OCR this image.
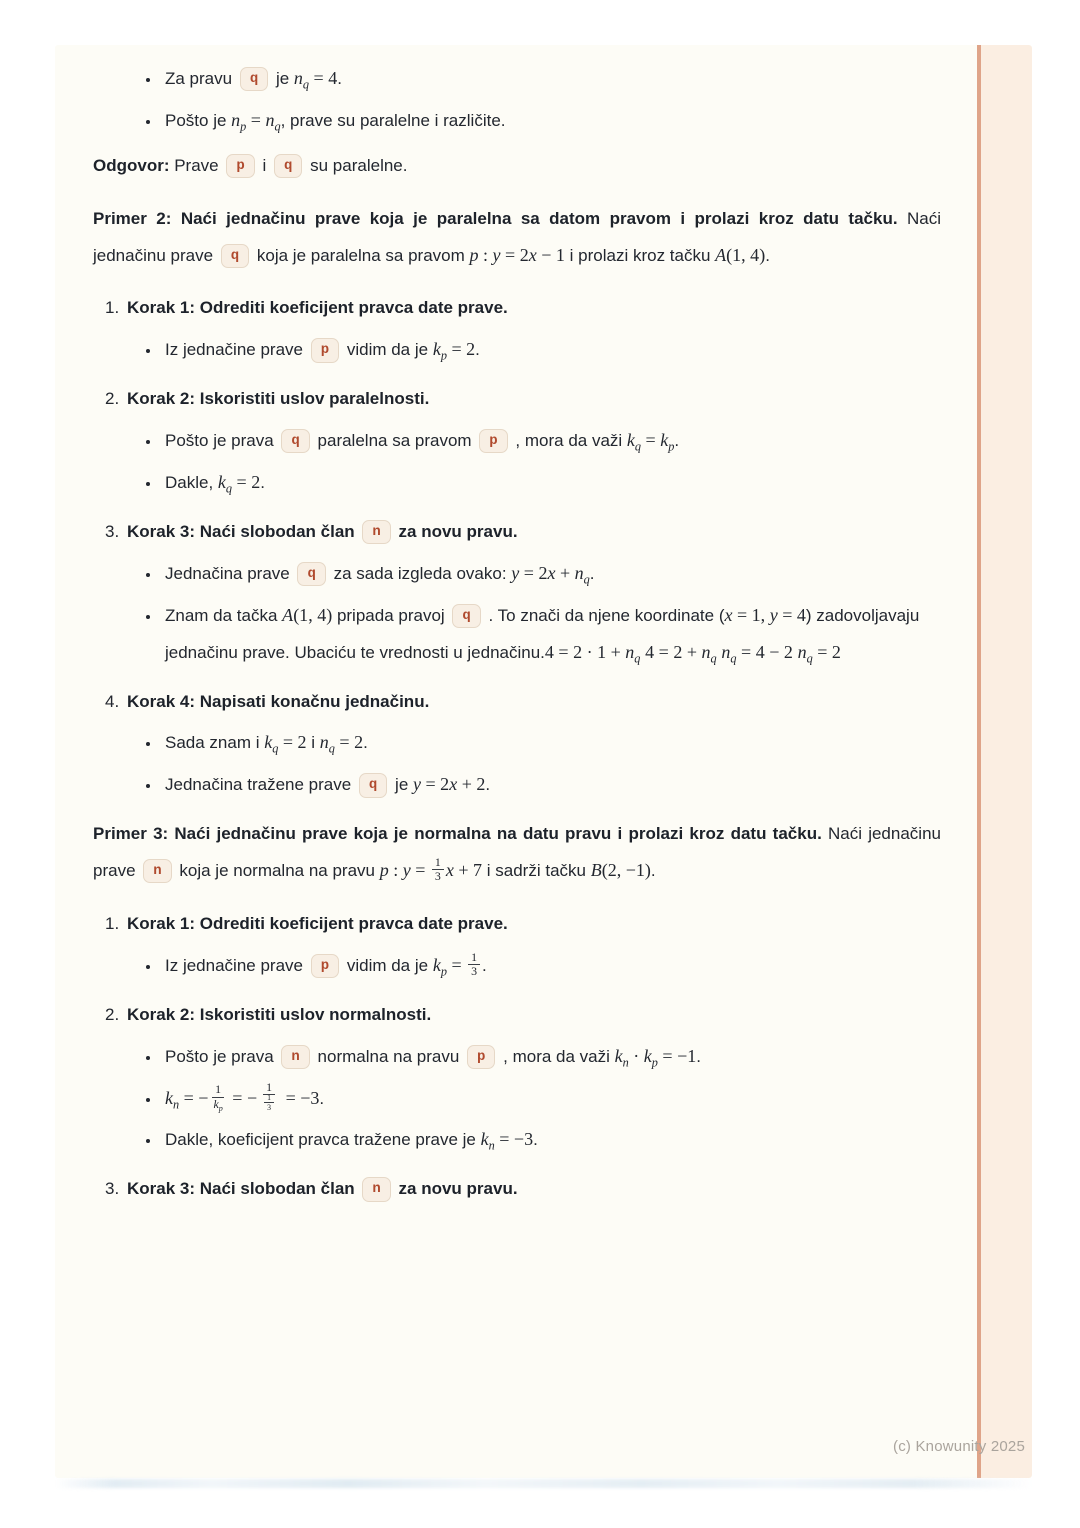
• Za pravu q je $n_q = 4$.
• Pošto je $n_p = n_q$, prave su paralelne i različite.

Odgovor: Prave p i q su paralelne.

Primer 2: Naći jednačinu prave koja je paralelna sa datom pravom i prolazi kroz datu tačku. Naći jednačinu prave q koja je paralelna sa pravom p : y = 2x − 1 i prolazi kroz tačku A(1, 4).

1. Korak 1: Odrediti koeficijent pravca date prave.
• Iz jednačine prave p vidim da je $k_p = 2$.
2. Korak 2: Iskoristiti uslov paralelnosti.
• Pošto je prava q paralelna sa pravom p , mora da važi $k_q = k_p$.
• Dakle, $k_q = 2$.
3. Korak 3: Naći slobodan član n za novu pravu.
• Jednačina prave q za sada izgleda ovako: $y = 2x + n_q$.
• Znam da tačka A(1, 4) pripada pravoj q . To znači da njene koordinate (x = 1, y = 4) zadovoljavaju jednačinu prave. Ubaciću te vrednosti u jednačinu.4 = $2 \cdot 1 + n_q$ $4 = 2 + n_q$ $n_q = 4 - 2$ $n_q = 2$
4. Korak 4: Napisati konačnu jednačinu.
• Sada znam i $k_q = 2$ i $n_q = 2$.
• Jednačina tražene prave q je y = 2x + 2.

Primer 3: Naći jednačinu prave koja je normalna na datu pravu i prolazi kroz datu tačku. Naći jednačinu prave n koja je normalna na pravu p : $y = \frac{1}{3}$ x + 7 i sadrži tačku B(2, −1).

1. Korak 1: Odrediti koeficijent pravca date prave.
• Iz jednačine prave p vidim da je $k_p = \frac{1}{3}$ .
2. Korak 2: Iskoristiti uslov normalnosti.
• Pošto je prava n normalna na pravu p , mora da važi $k_n \cdot k_p = -1$.
• $k_n$ = − $\frac{1}{k_p}$ = − $\frac{1}{\frac{1}{3}} = -3$.
• Dakle, koeficijent pravca tražene prave je $k_n = -3$.
3. Korak 3: Naći slobodan član n za novu pravu.
(c) Knowunity 2025
